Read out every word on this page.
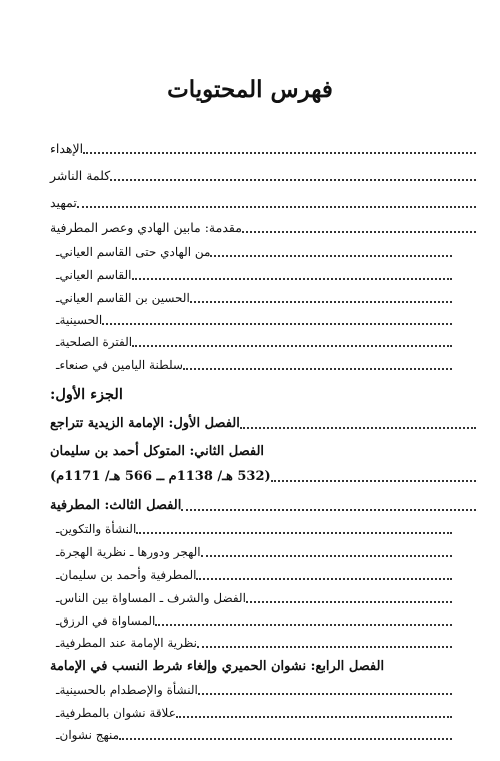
فهرس المحتويات
الإهداء
كلمة الناشر
تمهيد
مقدمة: مابين الهادي وعصر المطرفية
ـ من الهادي حتى القاسم العياني
ـ القاسم العياني
ـ الحسين بن القاسم العياني
ـ الحسينية
ـ الفترة الصلحية
ـ سلطنة اليامين في صنعاء
الجزء الأول:
الفصل الأول: الإمامة الزيدية تتراجع
الفصل الثاني: المتوكل أحمد بن سليمان
(532 هـ/ 1138م ــ 566 هـ/ 1171م)
الفصل الثالث: المطرفية
ـ النشأة والتكوين
ـ الهجر ودورها ـ نظرية الهجرة
ـ المطرفية وأحمد بن سليمان
ـ الفضل والشرف ـ المساواة بين الناس
ـ المساواة في الرزق
ـ نظرية الإمامة عند المطرفية
الفصل الرابع: نشوان الحميري وإلغاء شرط النسب في الإمامة
ـ النشأة والإصطدام بالحسينية
ـ علاقة نشوان بالمطرفية
ـ منهج نشوان
